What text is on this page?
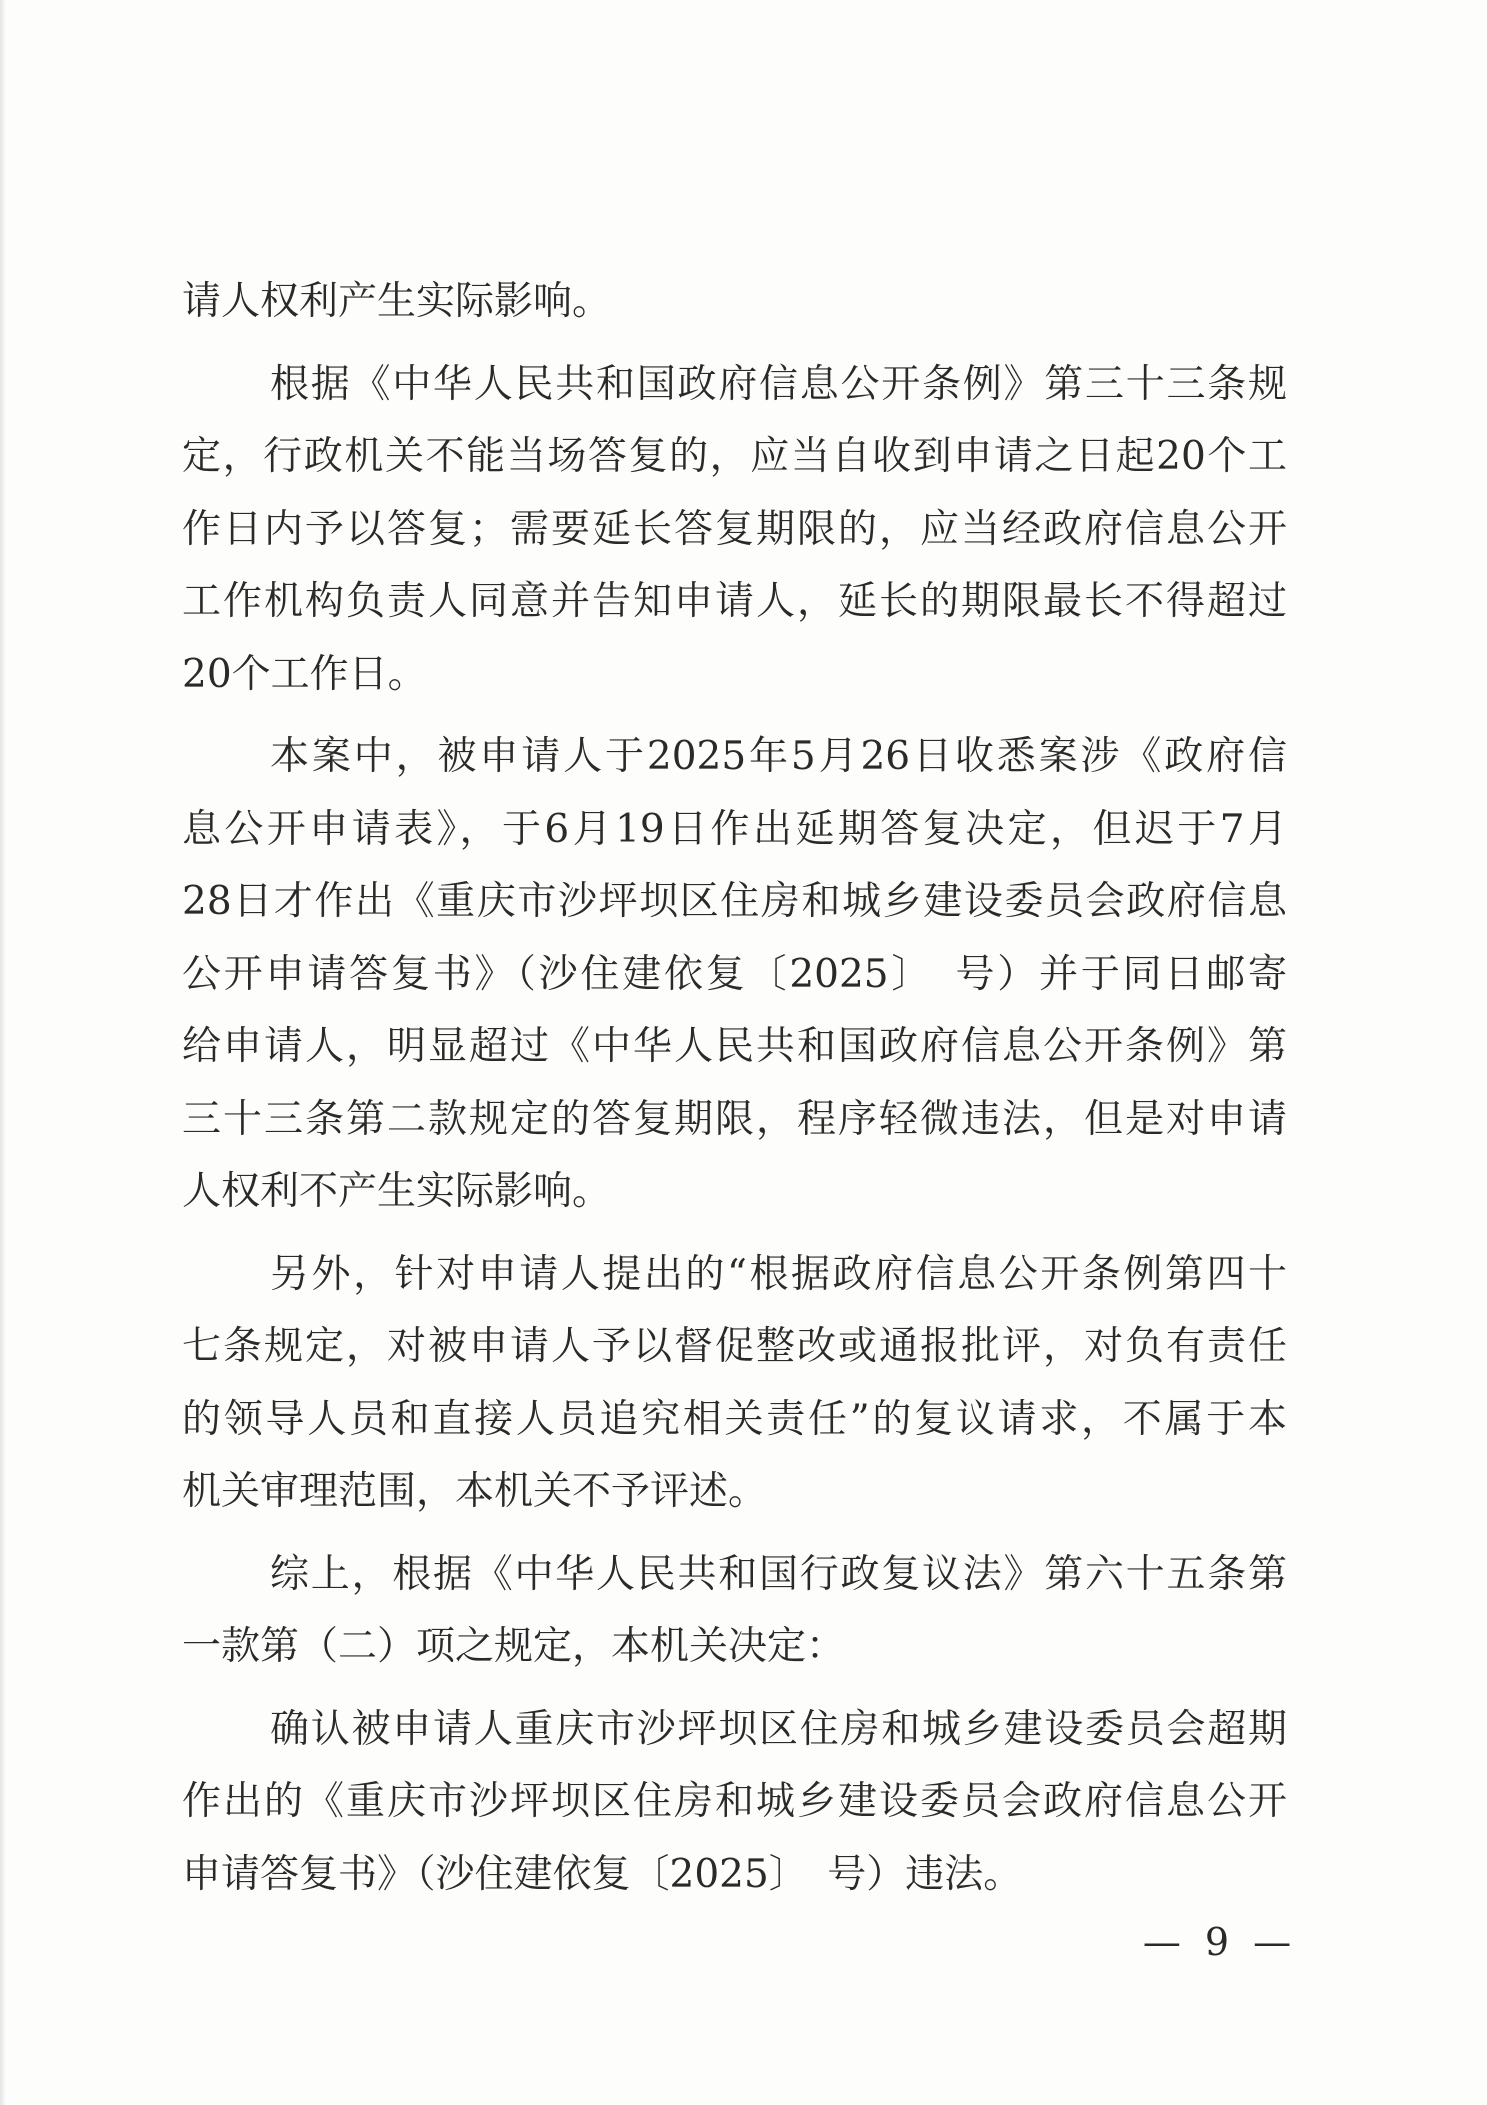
请人权利产生实际影响。
根据《中华人民共和国政府信息公开条例》第三十三条规
定，行政机关不能当场答复的，应当自收到申请之日起20个工
作日内予以答复；需要延长答复期限的，应当经政府信息公开
工作机构负责人同意并告知申请人，延长的期限最长不得超过
20个工作日。
本案中，被申请人于2025年5月26日收悉案涉《政府信
息公开申请表》，于6月19日作出延期答复决定，但迟于7月
28日才作出《重庆市沙坪坝区住房和城乡建设委员会政府信息
公开申请答复书》（沙住建依复〔2025〕　号）并于同日邮寄
给申请人，明显超过《中华人民共和国政府信息公开条例》第
三十三条第二款规定的答复期限，程序轻微违法，但是对申请
人权利不产生实际影响。
另外，针对申请人提出的“根据政府信息公开条例第四十
七条规定，对被申请人予以督促整改或通报批评，对负有责任
的领导人员和直接人员追究相关责任”的复议请求，不属于本
机关审理范围，本机关不予评述。
综上，根据《中华人民共和国行政复议法》第六十五条第
一款第（二）项之规定，本机关决定：
确认被申请人重庆市沙坪坝区住房和城乡建设委员会超期
作出的《重庆市沙坪坝区住房和城乡建设委员会政府信息公开
申请答复书》（沙住建依复〔2025〕　号）违法。
— 9 —
